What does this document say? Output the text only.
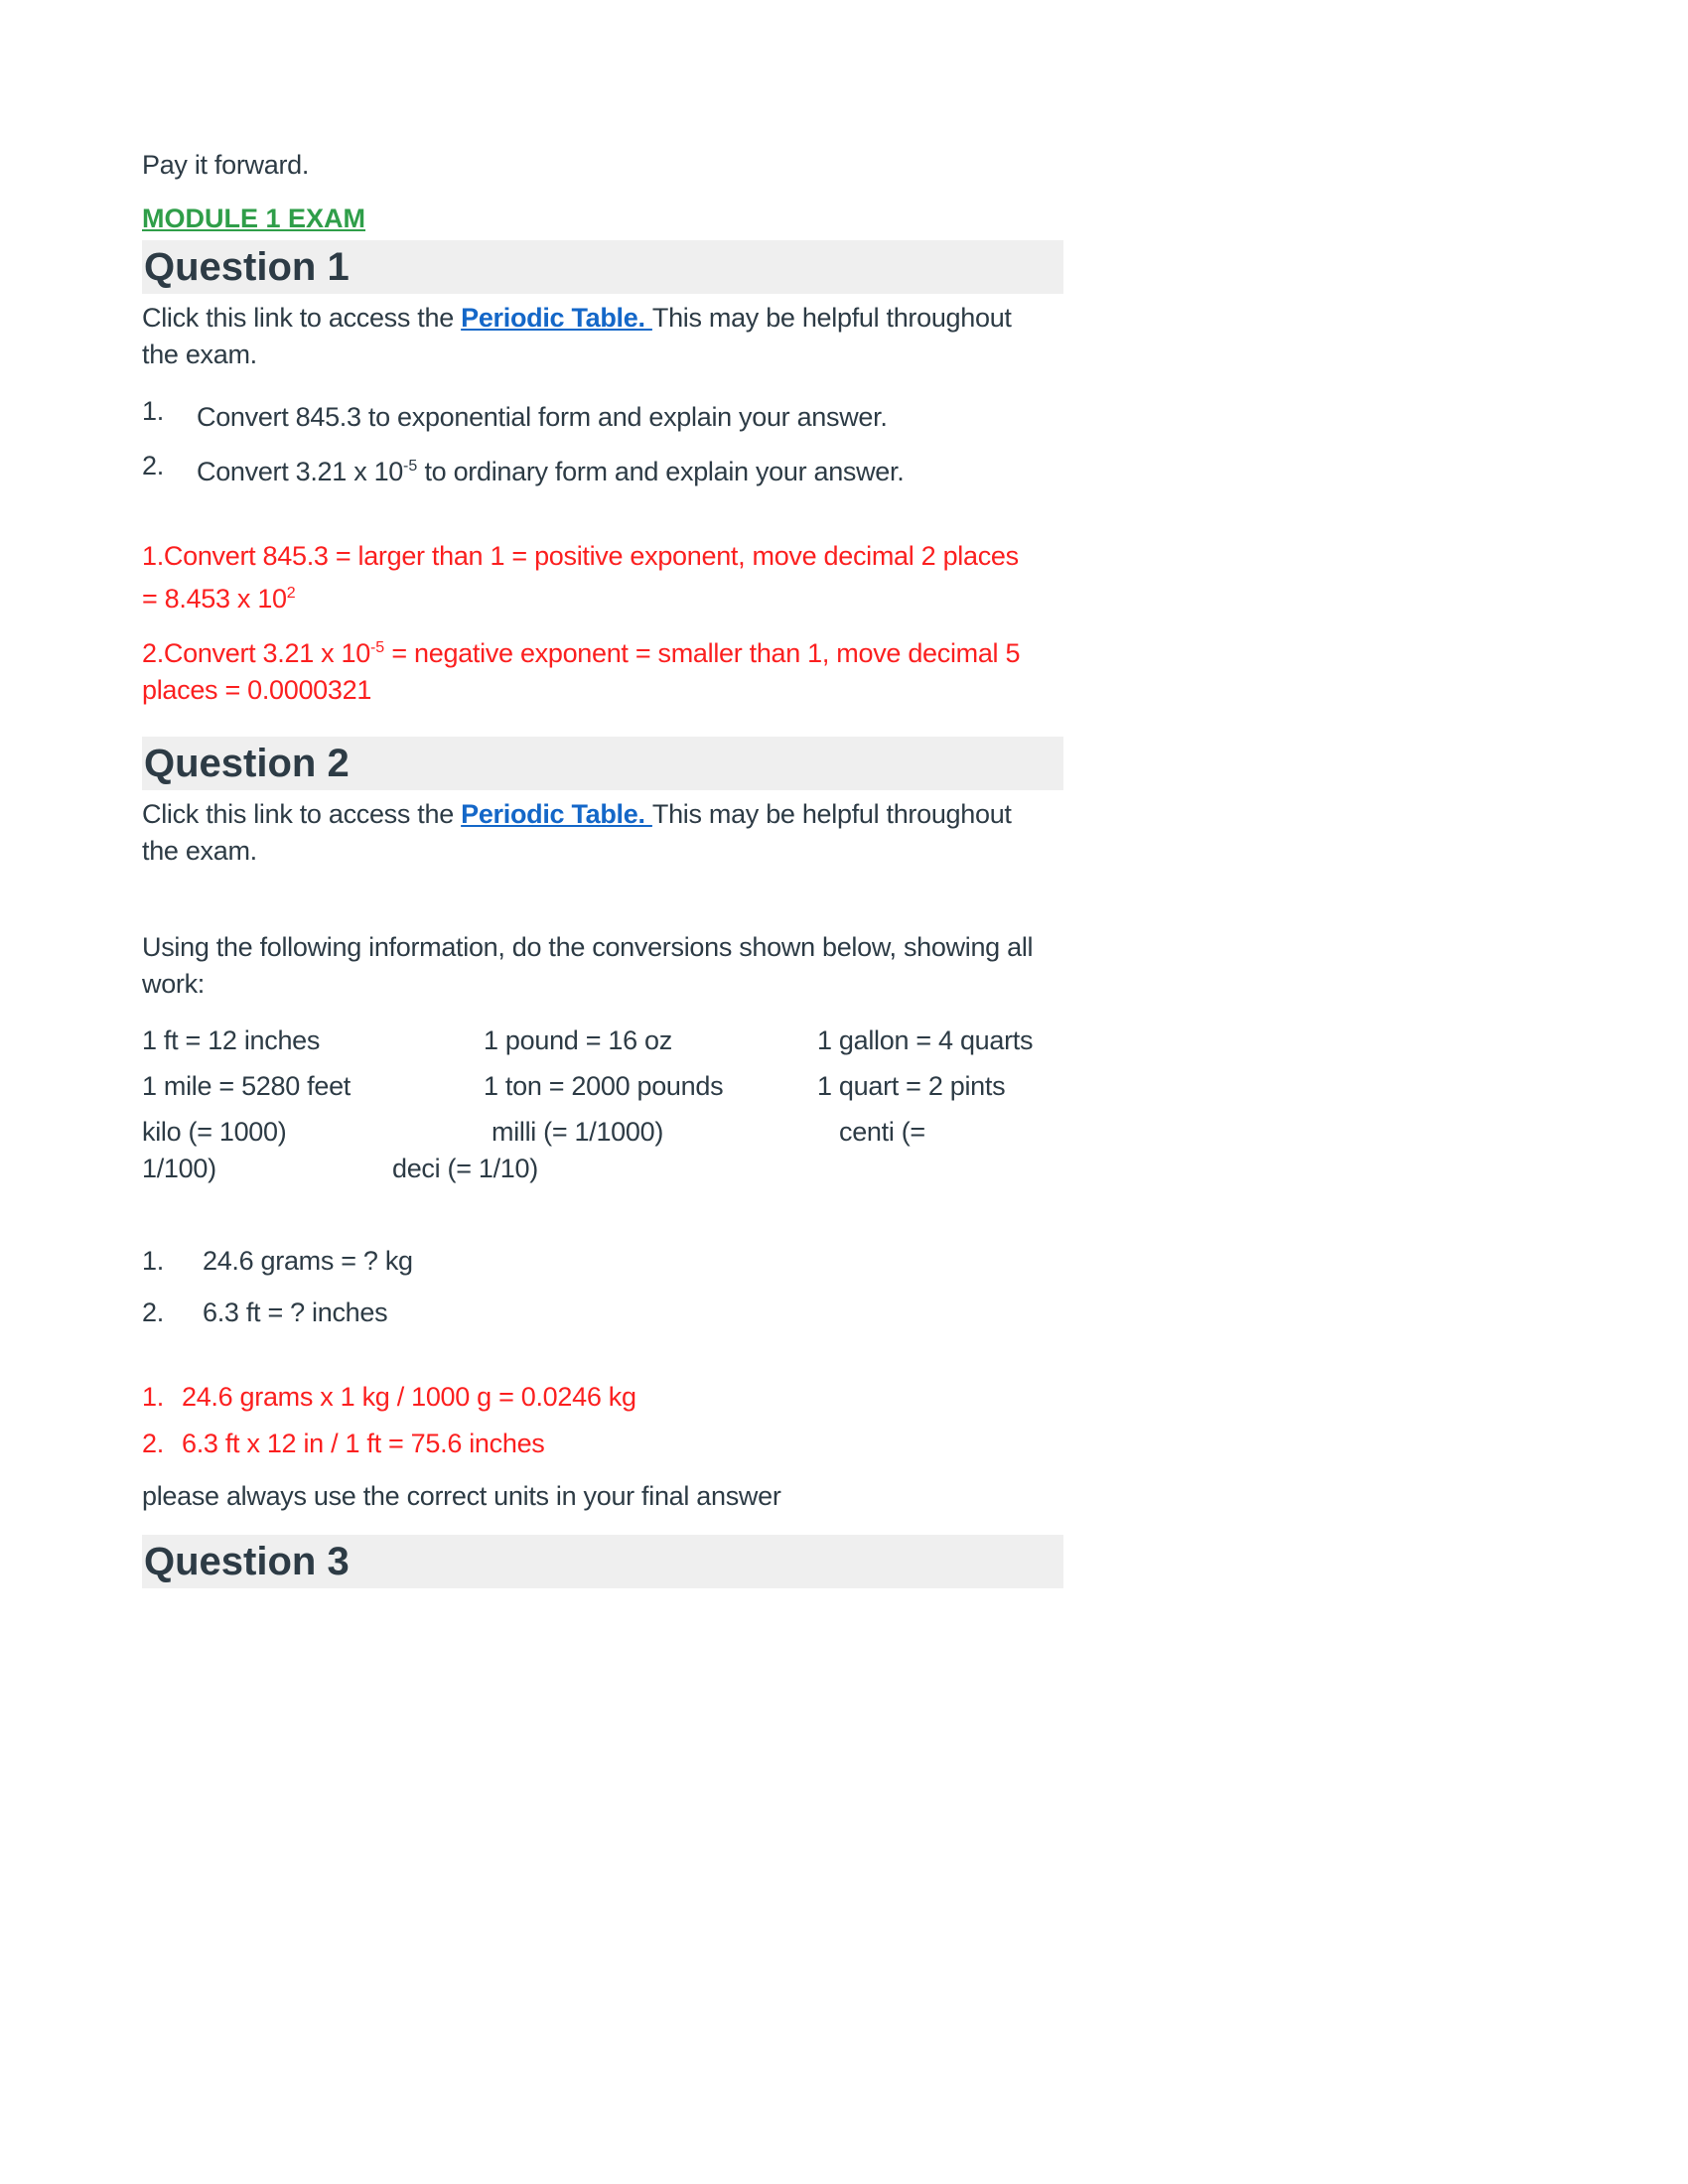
Pay it forward.
MODULE 1 EXAM
Question 1
Click this link to access the Periodic Table. This may be helpful throughout
the exam.
1.	Convert 845.3 to exponential form and explain your answer.
2.	Convert 3.21 x $10^{-5}$ to ordinary form and explain your answer.
1.Convert 845.3 = larger than 1 = positive exponent, move decimal 2 places
= 8.453 x $10^2$
2.Convert 3.21 x $10^{-5}$ = negative exponent = smaller than 1, move decimal 5
places = 0.0000321
Question 2
Click this link to access the Periodic Table. This may be helpful throughout
the exam.
Using the following information, do the conversions shown below, showing all
work:
1 ft = 12 inches	1 pound = 16 oz	1 gallon = 4 quarts
1 mile = 5280 feet	1 ton = 2000 pounds	1 quart = 2 pints
kilo (= 1000)	milli (= 1/1000)	centi (=
1/100)	deci (= 1/10)
1.	24.6 grams = ? kg
2.	6.3 ft = ? inches
1. 24.6 grams x 1 kg / 1000 g = 0.0246 kg
2. 6.3 ft x 12 in / 1 ft = 75.6 inches
please always use the correct units in your final answer
Question 3
